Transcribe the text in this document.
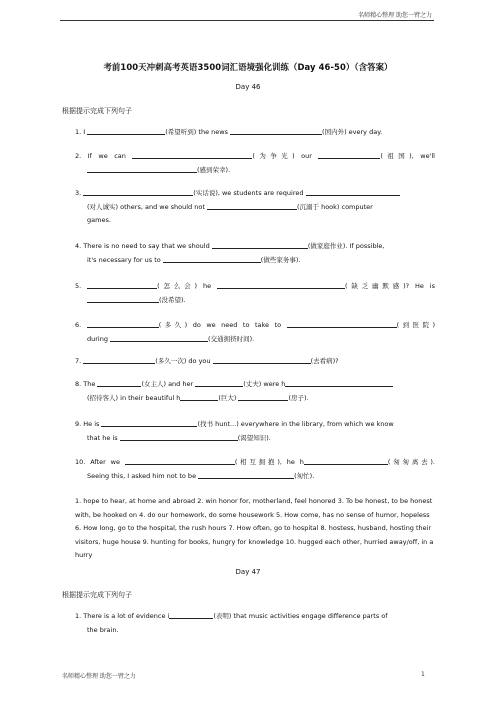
名师精心整理 助您一臂之力
考前100天冲刺高考英语3500词汇语境强化训练（Day 46-50）（含答案）
Day 46
根据提示完成下列句子
1. I	(希望听到) the news	(国内外) every day.
2. If we can	(为争光) our	(祖国), we'll
(感到荣幸).
3.	(实话说), we students are required
(对人诚实) others, and we should not	(沉溺于 hook) computer
games.
4. There is no need to say that we should	(做家庭作业). If possible,
it's necessary for us to	(做些家务事).
5.	(怎么会) he	(缺乏幽默感)? He is
(没希望).
6.	(多久) do we need to take to	(到医院)
during	(交通拥挤时间).
7.	(多久一次) do you	(去看病)?
8. The	(女主人) and her	(丈夫) were h
(招待客人) in their beautiful h	(巨大)	(房子).
9. He is	(找书 hunt...) everywhere in the library, from which we know
that he is	(渴望知识).
10. After we	(相互拥抱), he h	(匆匆离去).
Seeing this, I asked him not to be	(匆忙).
1. hope to hear, at home and abroad 2. win honor for, motherland, feel honored 3. To be honest, to be honest with, be hooked on 4. do our homework, do some housework 5. How come, has no sense of humor, hopeless 6. How long, go to the hospital, the rush hours 7. How often, go to hospital 8. hostess, husband, hosting their visitors, huge house 9. hunting for books, hungry for knowledge 10. hugged each other, hurried away/off, in a hurry
Day 47
根据提示完成下列句子
1. There is a lot of evidence i	(表明) that music activities engage difference parts of
the brain.
名师精心整理 助您一臂之力	1
